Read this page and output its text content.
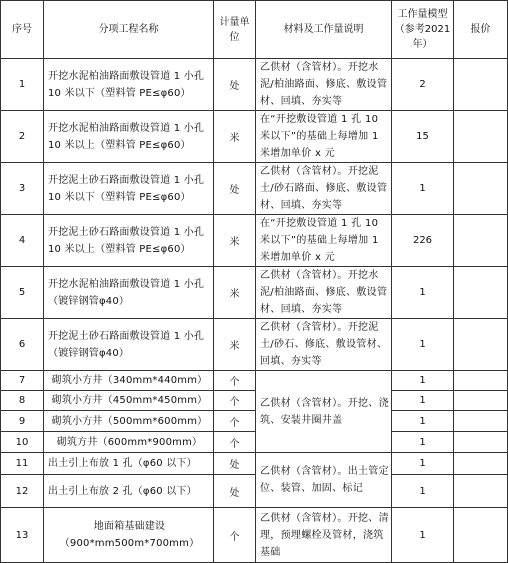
序号	分项工程名称	计量单位	材料及工作量说明	工作量模型（参考2021年）	报价
1	开挖水泥柏油路面敷设管道 1 小孔 10 米以下（塑料管 PE≤φ60）	处	乙供材（含管材）。开挖水泥/柏油路面、修底、敷设管材、回填、夯实等	2	
2	开挖水泥柏油路面敷设管道 1 小孔 10 米以上（塑料管 PE≤φ60）	米	在“开挖敷设管道 1 孔 10 米以下”的基础上每增加 1 米增加单价 x 元	15	
3	开挖泥土砂石路面敷设管道 1 小孔 10 米以下（塑料管 PE≤φ60）	处	乙供材（含管材）。开挖泥土/砂石路面、修底、敷设管材、回填、夯实等	1	
4	开挖泥土砂石路面敷设管道 1 小孔 10 米以上（塑料管 PE≤φ60）	米	在“开挖敷设管道 1 孔 10 米以下”的基础上每增加 1 米增加单价 x 元	226	
5	开挖水泥柏油路面敷设管道 1 小孔（镀锌钢管φ40）	米	乙供材（含管材）。开挖水泥/柏油路面、修底、敷设管材、回填、夯实等	1	
6	开挖泥土砂石路面敷设管道 1 小孔（镀锌钢管φ40）	米	乙供材（含管材）。开挖泥土/砂石、修底、敷设管材、回填、夯实等	1	
7	砌筑小方井（340mm*440mm）	个	乙供材（含管材）。开挖、浇筑、安装井圈井盖	1	
8	砌筑小方井（450mm*450mm）	个		1	
9	砌筑小方井（500mm*600mm）	个		1	
10	砌筑方井（600mm*900mm）	个		1	
11	出土引上布放 1 孔（φ60 以下）	处	乙供材（含管材）。出土管定位、装管、加固、标记	1	
12	出土引上布放 2 孔（φ60 以下）	处		1	
13	地面箱基础建设（900*mm500m*700mm）	个	乙供材（含管材）。开挖、清理，预埋螺栓及管材，浇筑基础	1	
